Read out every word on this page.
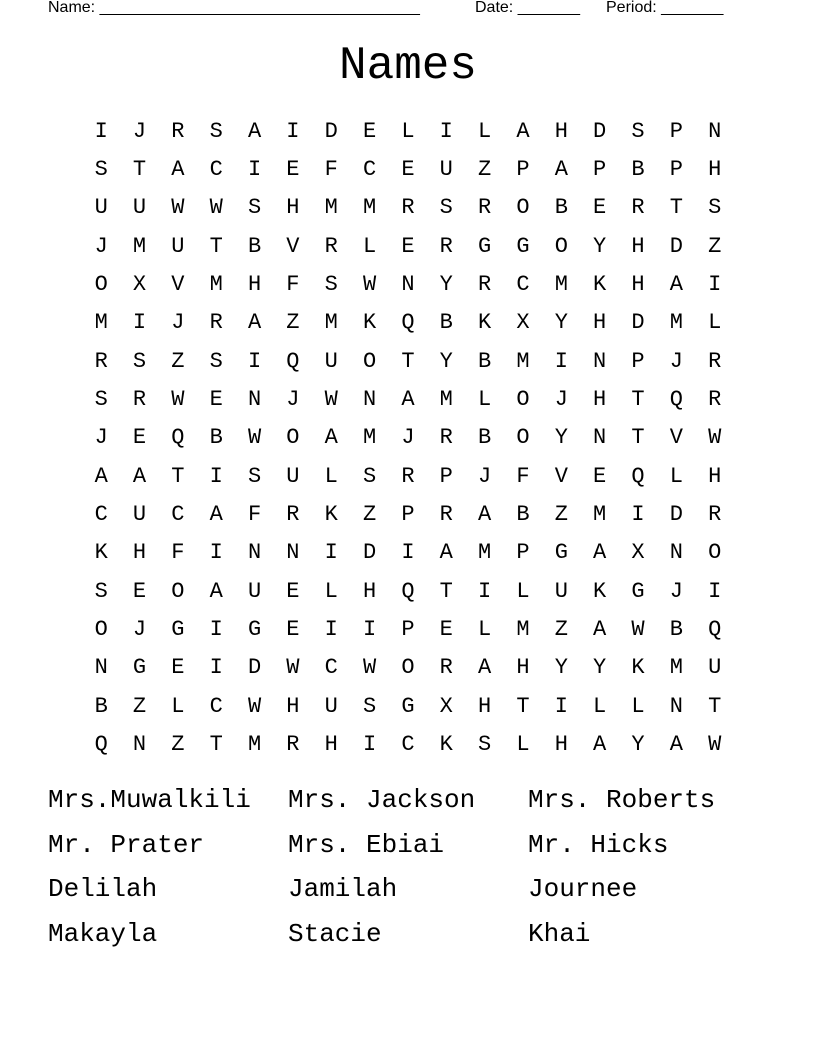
Name: ____________________________________	Date: _______ Period: _______
Names
I	J	R	S	A	I	D	E	L	I	L	A	H	D	S	P	N
S	T	A	C	I	E	F	C	E	U	Z	P	A	P	B	P	H
U	U	W	W	S	H	M	M	R	S	R	O	B	E	R	T	S
J	M	U	T	B	V	R	L	E	R	G	G	O	Y	H	D	Z
O	X	V	M	H	F	S	W	N	Y	R	C	M	K	H	A	I
M	I	J	R	A	Z	M	K	Q	B	K	X	Y	H	D	M	L
R	S	Z	S	I	Q	U	O	T	Y	B	M	I	N	P	J	R
S	R	W	E	N	J	W	N	A	M	L	O	J	H	T	Q	R
J	E	Q	B	W	O	A	M	J	R	B	O	Y	N	T	V	W
A	A	T	I	S	U	L	S	R	P	J	F	V	E	Q	L	H
C	U	C	A	F	R	K	Z	P	R	A	B	Z	M	I	D	R
K	H	F	I	N	N	I	D	I	A	M	P	G	A	X	N	O
S	E	O	A	U	E	L	H	Q	T	I	L	U	K	G	J	I
O	J	G	I	G	E	I	I	P	E	L	M	Z	A	W	B	Q
N	G	E	I	D	W	C	W	O	R	A	H	Y	Y	K	M	U
B	Z	L	C	W	H	U	S	G	X	H	T	I	L	L	N	T
Q	N	Z	T	M	R	H	I	C	K	S	L	H	A	Y	A	W
Mrs.Muwalkili	Mrs. Jackson	Mrs. Roberts
Mr. Prater	Mrs. Ebiai	Mr. Hicks
Delilah	Jamilah	Journee
Makayla	Stacie	Khai
